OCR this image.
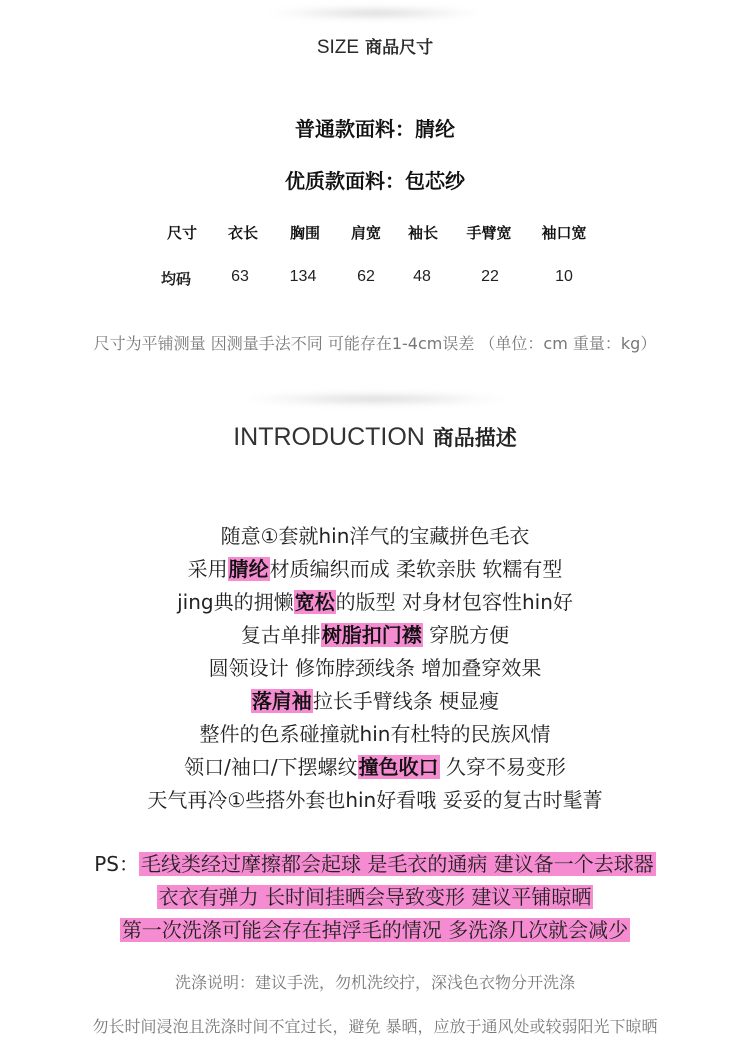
SIZE 商品尺寸
普通款面料：腈纶
优质款面料：包芯纱
尺寸 衣长 胸围 肩宽 袖长 手臂宽 袖口宽
均码	63	134	62 48	22	10
尺寸为平铺测量 因测量手法不同 可能存在1-4cm误差 （单位：cm 重量：kg）
INTRODUCTION 商品描述
随意①套就hin洋气的宝藏拼色毛衣
采用腈纶材质编织而成 柔软亲肤 软糯有型
jing典的拥懒宽松的版型 对身材包容性hin好
复古单排树脂扣门襟 穿脱方便
圆领设计 修饰脖颈线条 增加叠穿效果
落肩袖拉长手臂线条 梗显瘦
整件的色系碰撞就hin有杜特的民族风情
领口/袖口/下摆螺纹撞色收口 久穿不易变形
天气再冷①些搭外套也hin好看哦 妥妥的复古时髦菁
PS： 毛线类经过摩擦都会起球 是毛衣的通病 建议备一个去球器
衣衣有弹力 长时间挂晒会导致变形 建议平铺晾晒
第一次洗涤可能会存在掉浮毛的情况 多洗涤几次就会减少
洗涤说明：建议手洗，勿机洗绞拧，深浅色衣物分开洗涤
勿长时间浸泡且洗涤时间不宜过长，避免 暴晒，应放于通风处或较弱阳光下晾晒
